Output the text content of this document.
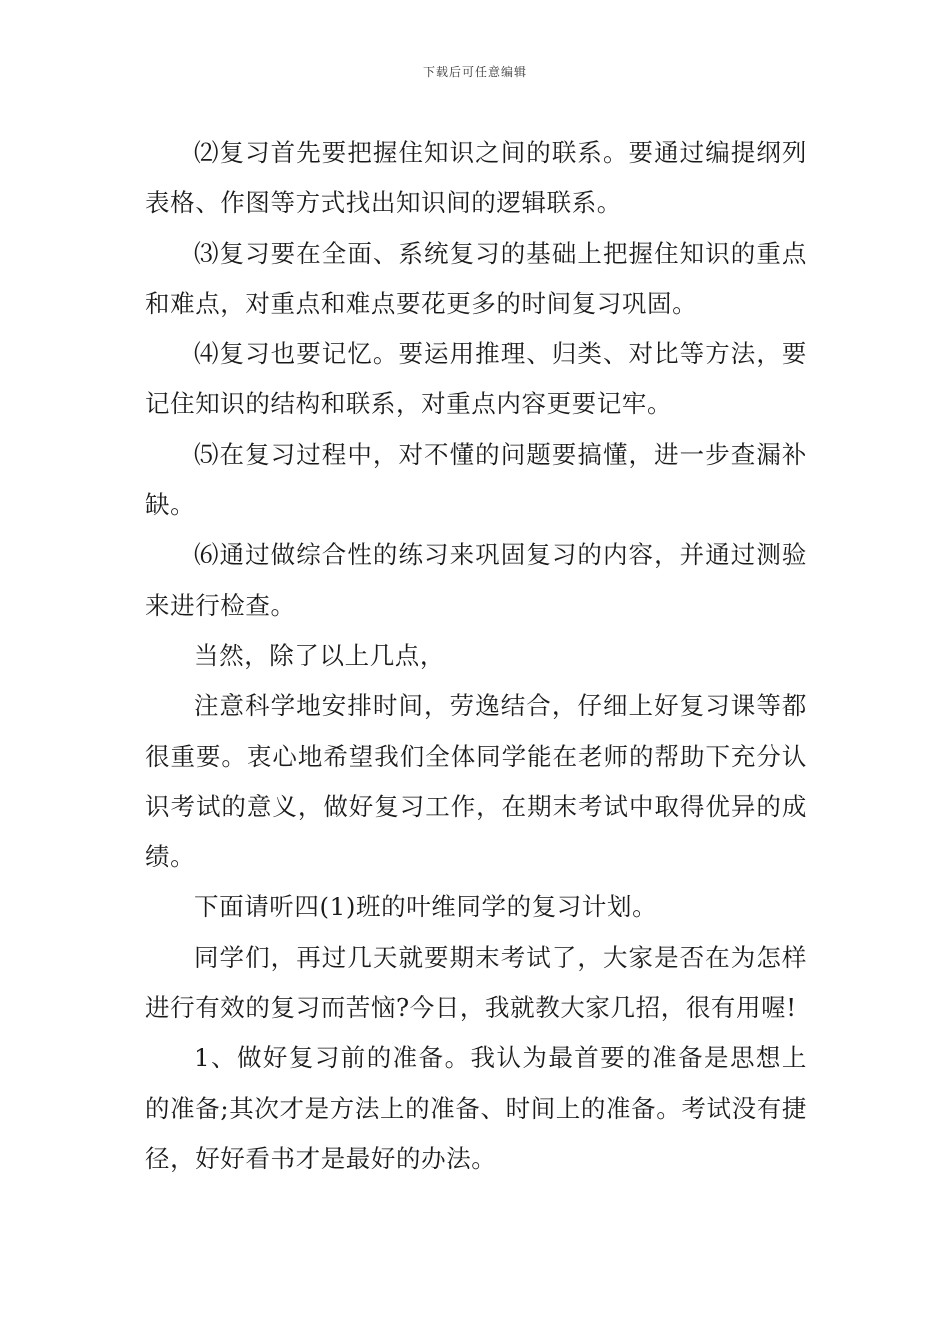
下载后可任意编辑

⑵复习首先要把握住知识之间的联系。要通过编提纲列表格、作图等方式找出知识间的逻辑联系。

⑶复习要在全面、系统复习的基础上把握住知识的重点和难点，对重点和难点要花更多的时间复习巩固。

⑷复习也要记忆。要运用推理、归类、对比等方法，要记住知识的结构和联系，对重点内容更要记牢。

⑸在复习过程中，对不懂的问题要搞懂，进一步查漏补缺。

⑹通过做综合性的练习来巩固复习的内容，并通过测验来进行检查。

当然，除了以上几点，

注意科学地安排时间，劳逸结合，仔细上好复习课等都很重要。衷心地希望我们全体同学能在老师的帮助下充分认识考试的意义，做好复习工作，在期末考试中取得优异的成绩。

下面请听四(1)班的叶维同学的复习计划。

同学们，再过几天就要期末考试了，大家是否在为怎样进行有效的复习而苦恼?今日，我就教大家几招，很有用喔!

1、做好复习前的准备。我认为最首要的准备是思想上的准备;其次才是方法上的准备、时间上的准备。考试没有捷径，好好看书才是最好的办法。
